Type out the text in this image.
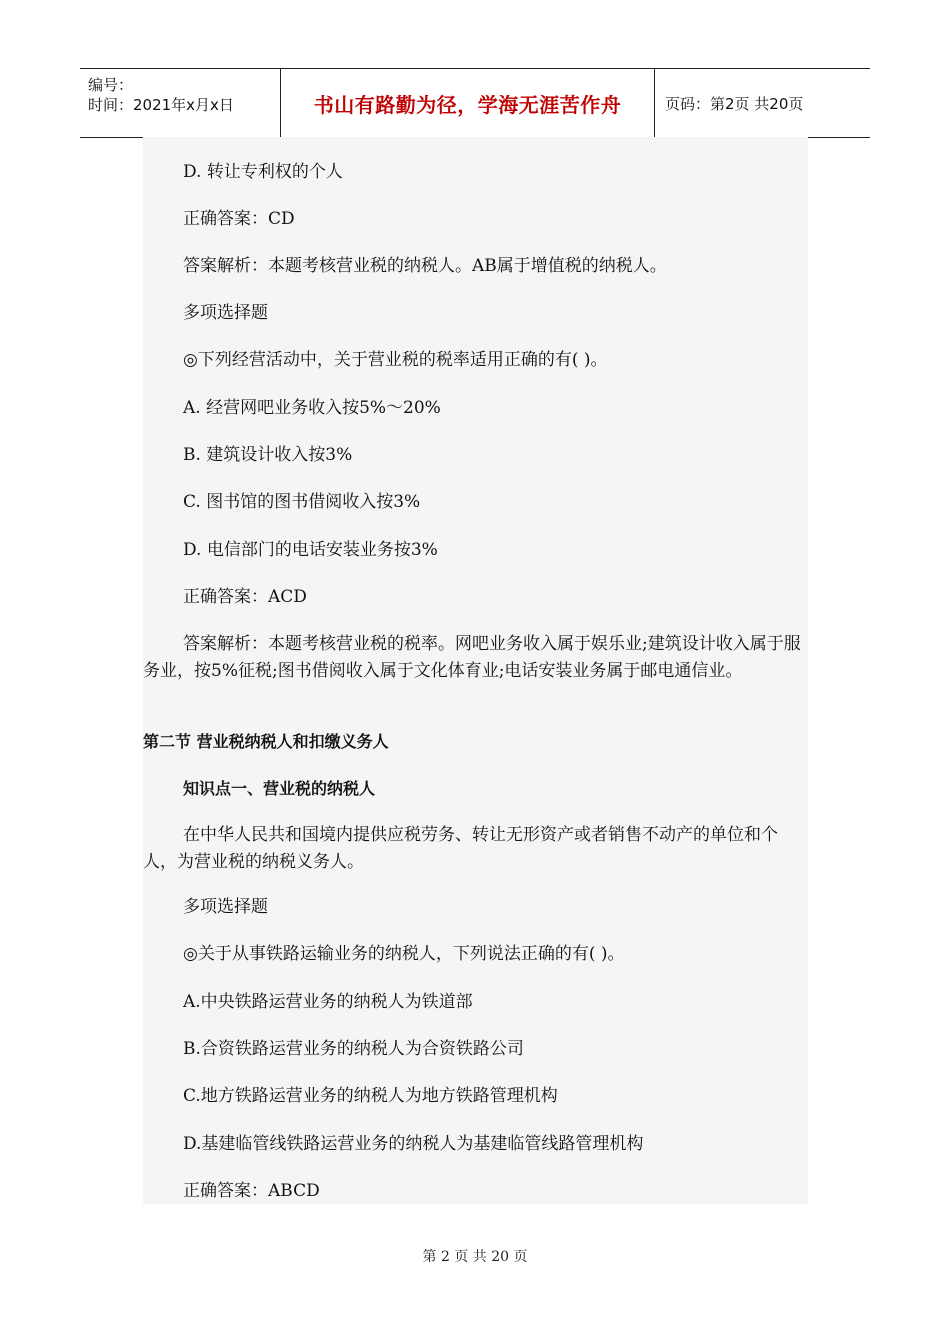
编号：
时间：2021年x月x日	书山有路勤为径，学海无涯苦作舟	页码：第2页 共20页
D. 转让专利权的个人
正确答案：CD
答案解析：本题考核营业税的纳税人。AB属于增值税的纳税人。
多项选择题
◎下列经营活动中，关于营业税的税率适用正确的有( )。
A. 经营网吧业务收入按5%～20%
B. 建筑设计收入按3%
C. 图书馆的图书借阅收入按3%
D. 电信部门的电话安装业务按3%
正确答案：ACD
答案解析：本题考核营业税的税率。网吧业务收入属于娱乐业;建筑设计收入属于服务业，按5%征税;图书借阅收入属于文化体育业;电话安装业务属于邮电通信业。
第二节 营业税纳税人和扣缴义务人
知识点一、营业税的纳税人
在中华人民共和国境内提供应税劳务、转让无形资产或者销售不动产的单位和个人，为营业税的纳税义务人。
多项选择题
◎关于从事铁路运输业务的纳税人，下列说法正确的有( )。
A.中央铁路运营业务的纳税人为铁道部
B.合资铁路运营业务的纳税人为合资铁路公司
C.地方铁路运营业务的纳税人为地方铁路管理机构
D.基建临管线铁路运营业务的纳税人为基建临管线路管理机构
正确答案：ABCD
第 2 页 共 20 页
